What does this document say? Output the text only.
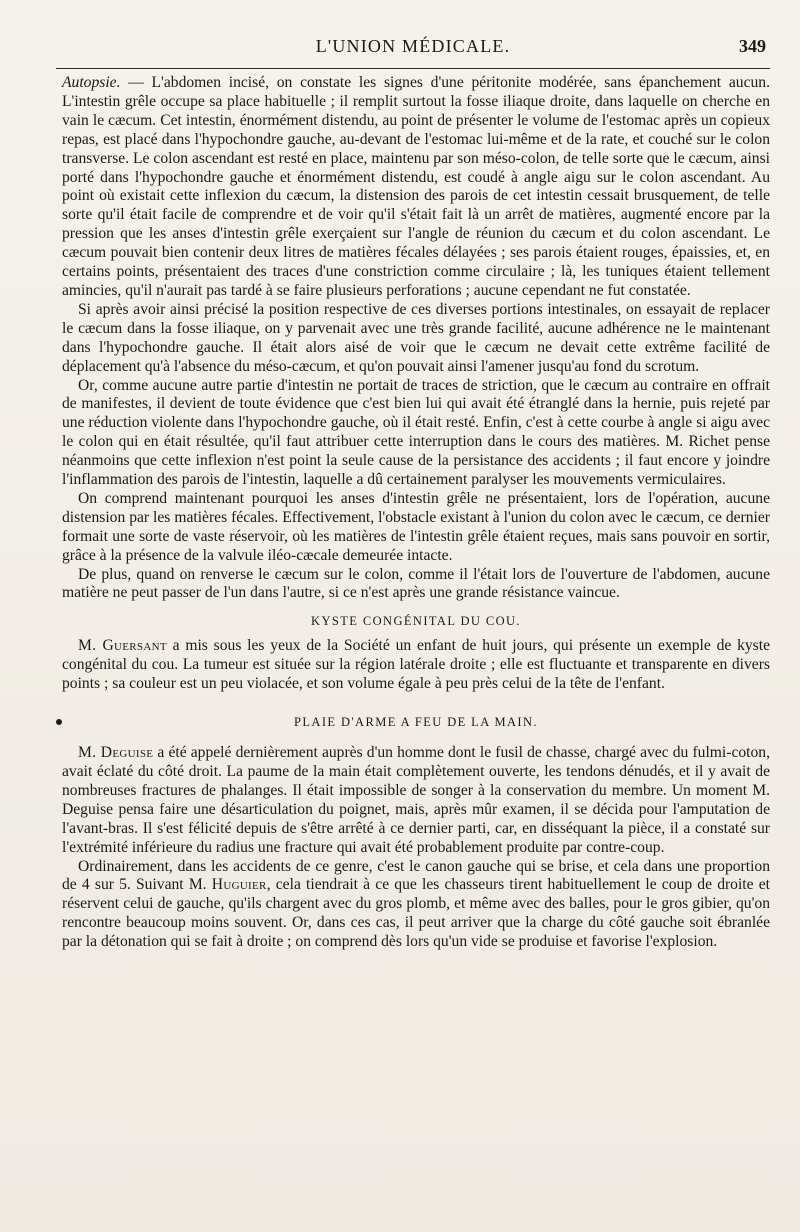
L'UNION MÉDICALE.	349

Autopsie. — L'abdomen incisé, on constate les signes d'une péritonite modérée, sans épanchement aucun. L'intestin grêle occupe sa place habituelle ; il remplit surtout la fosse iliaque droite, dans laquelle on cherche en vain le cæcum. Cet intestin, énormément distendu, au point de présenter le volume de l'estomac après un copieux repas, est placé dans l'hypochondre gauche, au-devant de l'estomac lui-même et de la rate, et couché sur le colon transverse. Le colon ascendant est resté en place, maintenu par son méso-colon, de telle sorte que le cæcum, ainsi porté dans l'hypochondre gauche et énormément distendu, est coudé à angle aigu sur le colon ascendant. Au point où existait cette inflexion du cæcum, la distension des parois de cet intestin cessait brusquement, de telle sorte qu'il était facile de comprendre et de voir qu'il s'était fait là un arrêt de matières, augmenté encore par la pression que les anses d'intestin grêle exerçaient sur l'angle de réunion du cæcum et du colon ascendant. Le cæcum pouvait bien contenir deux litres de matières fécales délayées ; ses parois étaient rouges, épaissies, et, en certains points, présentaient des traces d'une constriction comme circulaire ; là, les tuniques étaient tellement amincies, qu'il n'aurait pas tardé à se faire plusieurs perforations ; aucune cependant ne fut constatée.

Si après avoir ainsi précisé la position respective de ces diverses portions intestinales, on essayait de replacer le cæcum dans la fosse iliaque, on y parvenait avec une très grande facilité, aucune adhérence ne le maintenant dans l'hypochondre gauche. Il était alors aisé de voir que le cæcum ne devait cette extrême facilité de déplacement qu'à l'absence du méso-cæcum, et qu'on pouvait ainsi l'amener jusqu'au fond du scrotum.

Or, comme aucune autre partie d'intestin ne portait de traces de striction, que le cæcum au contraire en offrait de manifestes, il devient de toute évidence que c'est bien lui qui avait été étranglé dans la hernie, puis rejeté par une réduction violente dans l'hypochondre gauche, où il était resté. Enfin, c'est à cette courbe à angle si aigu avec le colon qui en était résultée, qu'il faut attribuer cette interruption dans le cours des matières. M. Richet pense néanmoins que cette inflexion n'est point la seule cause de la persistance des accidents ; il faut encore y joindre l'inflammation des parois de l'intestin, laquelle a dû certainement paralyser les mouvements vermiculaires.

On comprend maintenant pourquoi les anses d'intestin grêle ne présentaient, lors de l'opération, aucune distension par les matières fécales. Effectivement, l'obstacle existant à l'union du colon avec le cæcum, ce dernier formait une sorte de vaste réservoir, où les matières de l'intestin grêle étaient reçues, mais sans pouvoir en sortir, grâce à la présence de la valvule iléo-cæcale demeurée intacte.

De plus, quand on renverse le cæcum sur le colon, comme il l'était lors de l'ouverture de l'abdomen, aucune matière ne peut passer de l'un dans l'autre, si ce n'est après une grande résistance vaincue.

KYSTE CONGÉNITAL DU COU.

M. Guersant a mis sous les yeux de la Société un enfant de huit jours, qui présente un exemple de kyste congénital du cou. La tumeur est située sur la région latérale droite ; elle est fluctuante et transparente en divers points ; sa couleur est un peu violacée, et son volume égale à peu près celui de la tête de l'enfant.

PLAIE D'ARME A FEU DE LA MAIN.

M. Deguise a été appelé dernièrement auprès d'un homme dont le fusil de chasse, chargé avec du fulmi-coton, avait éclaté du côté droit. La paume de la main était complètement ouverte, les tendons dénudés, et il y avait de nombreuses fractures de phalanges. Il était impossible de songer à la conservation du membre. Un moment M. Deguise pensa faire une désarticulation du poignet, mais, après mûr examen, il se décida pour l'amputation de l'avant-bras. Il s'est félicité depuis de s'être arrêté à ce dernier parti, car, en disséquant la pièce, il a constaté sur l'extrémité inférieure du radius une fracture qui avait été probablement produite par contre-coup.

Ordinairement, dans les accidents de ce genre, c'est le canon gauche qui se brise, et cela dans une proportion de 4 sur 5. Suivant M. Huguier, cela tiendrait à ce que les chasseurs tirent habituellement le coup de droite et réservent celui de gauche, qu'ils chargent avec du gros plomb, et même avec des balles, pour le gros gibier, qu'on rencontre beaucoup moins souvent. Or, dans ces cas, il peut arriver que la charge du côté gauche soit ébranlée par la détonation qui se fait à droite ; on comprend dès lors qu'un vide se produise et favorise l'explosion.
